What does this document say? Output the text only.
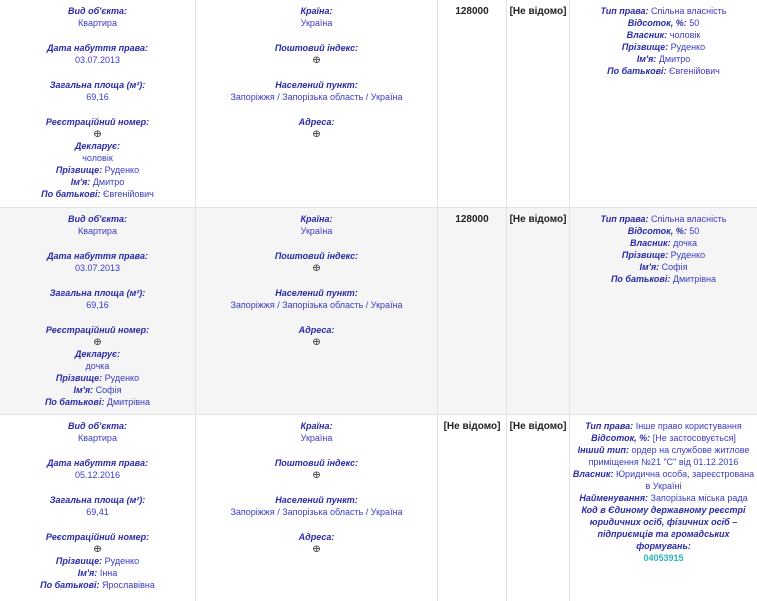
Вид об'єкта:
Квартира
Дата набуття права:
03.07.2013
Загальна площа (м²):
69,16
Реєстраційний номер:
ⴲ
Декларує:
чоловік
Прізвище: Руденко
Ім'я: Дмитро
По батькові: Євгенійович
Країна:
Україна
Поштовий індекс:
ⴲ
Населений пункт:
Запоріжжя / Запорізька область / Україна
Адреса:
ⴲ
128000	[Не відомо]	Тип права: Спільна власність
Відсоток, %: 50
Власник: чоловік
Прізвище: Руденко
Ім'я: Дмитро
По батькові: Євгенійович
Вид об'єкта:
Квартира
Дата набуття права:
03.07.2013
Загальна площа (м²):
69,16
Реєстраційний номер:
ⴲ
Декларує:
дочка
Прізвище: Руденко
Ім'я: Софія
По батькові: Дмитрівна
Країна:
Україна
Поштовий індекс:
ⴲ
Населений пункт:
Запоріжжя / Запорізька область / Україна
Адреса:
ⴲ
128000	[Не відомо]	Тип права: Спільна власність
Відсоток, %: 50
Власник: дочка
Прізвище: Руденко
Ім'я: Софія
По батькові: Дмитрівна
Вид об'єкта:
Квартира
Дата набуття права:
05.12.2016
Загальна площа (м²):
69,41
Реєстраційний номер:
ⴲ
Прізвище: Руденко
Ім'я: Інна
По батькові: Ярославівна
Країна:
Україна
Поштовий індекс:
ⴲ
Населений пункт:
Запоріжжя / Запорізька область / Україна
Адреса:
ⴲ
[Не відомо] [Не відомо]	Тип права: Інше право користування
Відсоток, %: [Не застосовується]
Інший тип: ордер на службове житлове
приміщення №21 "С" від 01.12.2016
Власник: Юридична особа, зареєстрована
в Україні
Найменування: Запорізька міська рада
Код в Єдиному державному реєстрі
юридичних осіб, фізичних осіб –
підприємців та громадських формувань:
04053915
